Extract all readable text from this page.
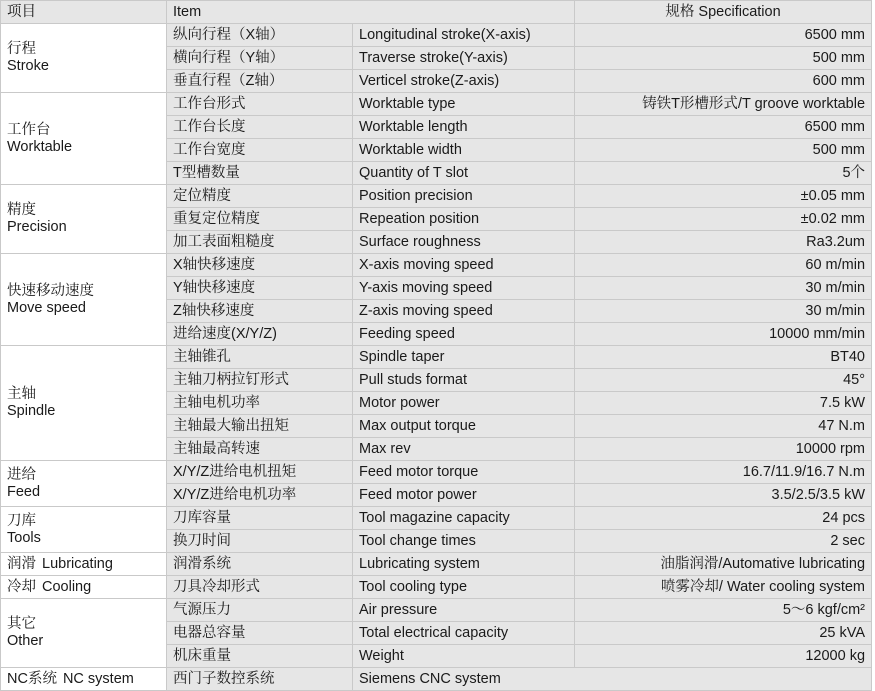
项目	Item		规格 Specification

行程
Stroke	纵向行程（X轴）	Longitudinal stroke(X-axis)	6500 mm
	横向行程（Y轴）	Traverse stroke(Y-axis)	500 mm
	垂直行程（Z轴）	Verticel stroke(Z-axis)	600 mm

工作台
Worktable	工作台形式	Worktable type	铸铁T形槽形式/T groove worktable
	工作台长度	Worktable length	6500 mm
	工作台宽度	Worktable width	500 mm
	T型槽数量	Quantity of T slot	5个

精度
Precision	定位精度	Position precision	±0.05 mm
	重复定位精度	Repeation position	±0.02 mm
	加工表面粗糙度	Surface roughness	Ra3.2um

快速移动速度
Move speed	X轴快移速度	X-axis moving speed	60 m/min
	Y轴快移速度	Y-axis moving speed	30 m/min
	Z轴快移速度	Z-axis moving speed	30 m/min
	进给速度(X/Y/Z)	Feeding speed	10000 mm/min

主轴
Spindle	主轴锥孔	Spindle taper	BT40
	主轴刀柄拉钉形式	Pull studs format	45°
	主轴电机功率	Motor power	7.5 kW
	主轴最大输出扭矩	Max output torque	47 N.m
	主轴最高转速	Max rev	10000 rpm

进给
Feed	X/Y/Z进给电机扭矩	Feed motor torque	16.7/11.9/16.7 N.m
	X/Y/Z进给电机功率	Feed motor power	3.5/2.5/3.5 kW

刀库
Tools	刀库容量	Tool magazine capacity	24 pcs
	换刀时间	Tool change times	2 sec
润滑 Lubricating	润滑系统	Lubricating system	油脂润滑/Automative lubricating
冷却 Cooling	刀具冷却形式	Tool cooling type	喷雾冷却/ Water cooling system

其它
Other	气源压力	Air pressure	5～6 kgf/cm²
	电器总容量	Total electrical capacity	25 kVA
	机床重量	Weight	12000 kg
NC系统 NC system	西门子数控系统	Siemens CNC system	
